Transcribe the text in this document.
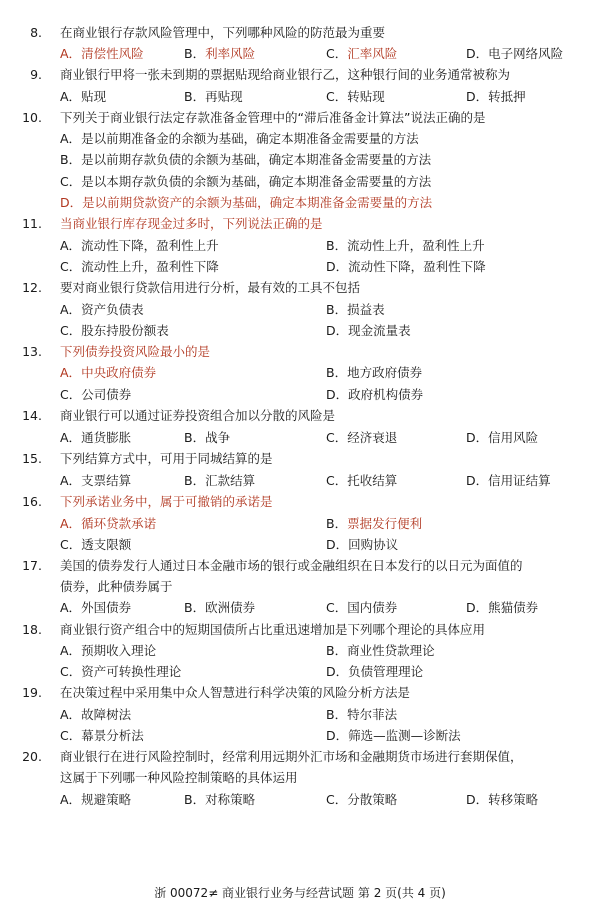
8. 在商业银行存款风险管理中，下列哪种风险的防范最为重要
A．清偿性风险	B．利率风险	C．汇率风险	D．电子网络风险
9. 商业银行甲将一张未到期的票据贴现给商业银行乙，这种银行间的业务通常被称为
A．贴现	B．再贴现	C．转贴现	D．转抵押
10. 下列关于商业银行法定存款准备金管理中的“滞后准备金计算法”说法正确的是
A．是以前期准备金的余额为基础，确定本期准备金需要量的方法
B．是以前期存款负债的余额为基础，确定本期准备金需要量的方法
C．是以本期存款负债的余额为基础，确定本期准备金需要量的方法
D．是以前期贷款资产的余额为基础，确定本期准备金需要量的方法
11. 当商业银行库存现金过多时，下列说法正确的是
A．流动性下降，盈利性上升	B．流动性上升，盈利性上升
C．流动性上升，盈利性下降	D．流动性下降，盈利性下降
12. 要对商业银行贷款信用进行分析，最有效的工具不包括
A．资产负债表	B．损益表
C．股东持股份额表	D．现金流量表
13. 下列债券投资风险最小的是
A．中央政府债券	B．地方政府债券
C．公司债券	D．政府机构债券
14. 商业银行可以通过证券投资组合加以分散的风险是
A．通货膨胀	B．战争	C．经济衰退	D．信用风险
15. 下列结算方式中，可用于同城结算的是
A．支票结算	B．汇款结算	C．托收结算	D．信用证结算
16. 下列承诺业务中，属于可撤销的承诺是
A．循环贷款承诺	B．票据发行便利
C．透支限额	D．回购协议
17. 美国的债券发行人通过日本金融市场的银行或金融组织在日本发行的以日元为面值的
债券，此种债券属于
A．外国债券	B．欧洲债券	C．国内债券	D．熊猫债券
18. 商业银行资产组合中的短期国债所占比重迅速增加是下列哪个理论的具体应用
A．预期收入理论	B．商业性贷款理论
C．资产可转换性理论	D．负债管理理论
19. 在决策过程中采用集中众人智慧进行科学决策的风险分析方法是
A．故障树法	B．特尔菲法
C．幕景分析法	D．筛选—监测—诊断法
20. 商业银行在进行风险控制时，经常利用远期外汇市场和金融期货市场进行套期保值，
这属于下列哪一种风险控制策略的具体运用
A．规避策略	B．对称策略	C．分散策略	D．转移策略
浙 00072≠ 商业银行业务与经营试题 第 2 页(共 4 页)
